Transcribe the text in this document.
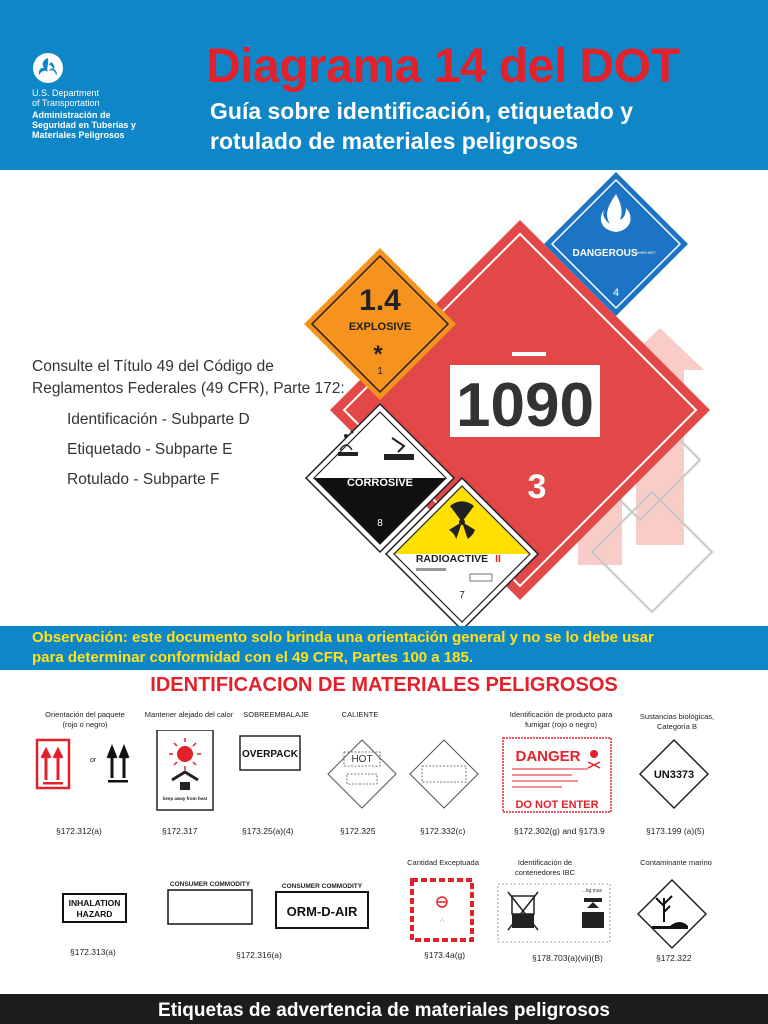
U.S. Department
of Transportation
Administración de
Seguridad en Tuberías y
Materiales Peligrosos
Diagrama 14 del DOT
Guía sobre identificación, etiquetado y
rotulado de materiales peligrosos
1090
3
DANGEROUS
WHEN WET
4
1.4
EXPLOSIVE
*
1
CORROSIVE
8
RADIOACTIVE II
7
Consulte el Título 49 del Código de
Reglamentos Federales (49 CFR), Parte 172:
Identificación - Subparte D
Etiquetado - Subparte E
Rotulado - Subparte F
Observación: este documento solo brinda una orientación general y no se lo debe usar
para determinar conformidad con el 49 CFR, Partes 100 a 185.
IDENTIFICACION DE MATERIALES PELIGROSOS
Orientación del paquete
(rojo o negro)
Mantener alejado del calor	SOBREEMBALAJE	CALIENTE	Identificación de producto para
fumigar (rojo o negro)
Sustancias biológicas,
Categoría B
or
keep away from heat
OVERPACK	HOT	DANGER
DO NOT ENTER
UN3373
§172.312(a)	§172.317	§173.25(a)(4)	§172.325	§172.332(c)	§172.302(g) and §173.9	§173.199 (a)(5)
CONSUMER COMMODITY	CONSUMER COMMODITY
Cantidad Exceptuada	Identificación de
contenedores IBC
Contaminante marino
INHALATION
HAZARD	ORM-D-AIR
∴
...kg max
§172.313(a)	§172.316(a)	§173.4a(g)	§178.703(a)(vii)(B)	§172.322
Etiquetas de advertencia de materiales peligrosos
